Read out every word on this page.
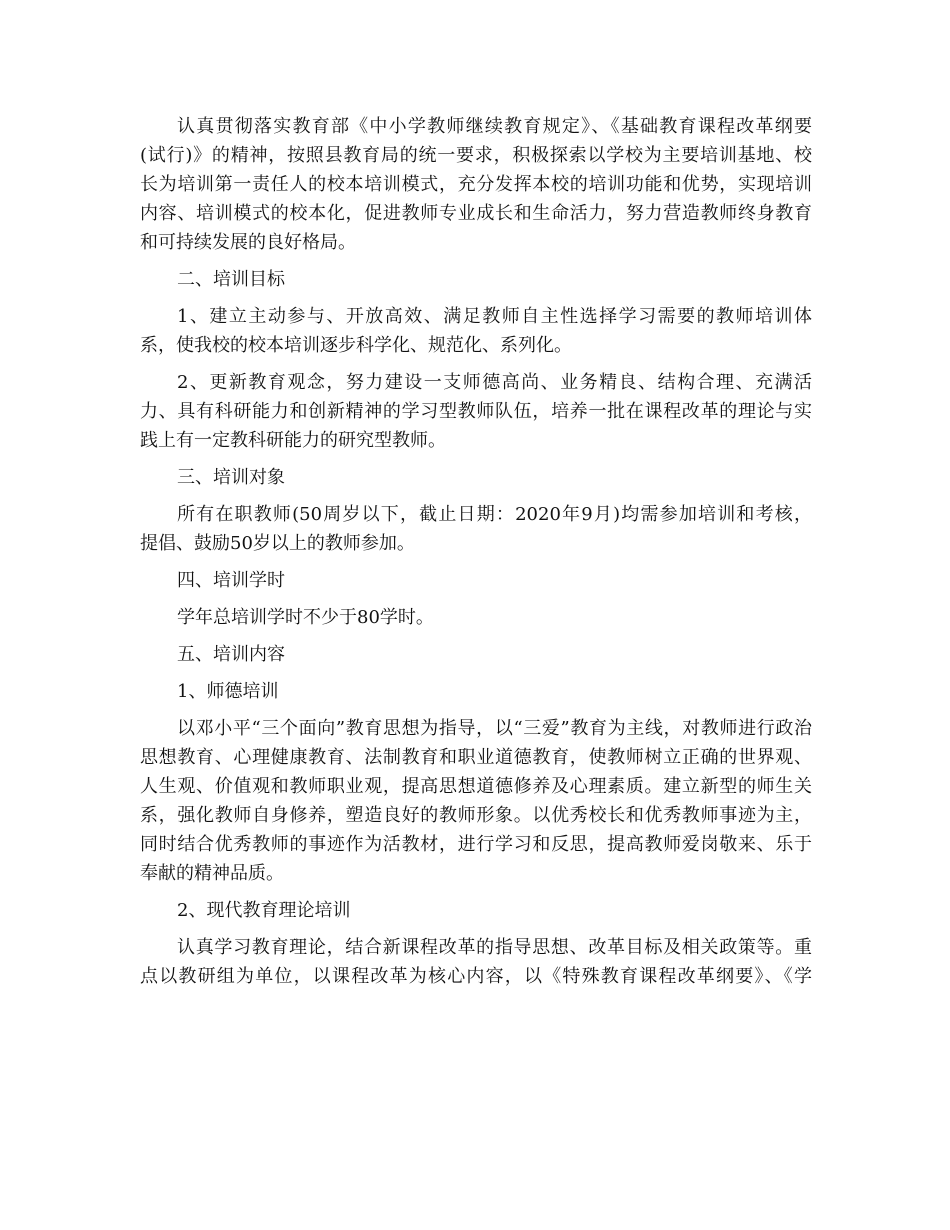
认真贯彻落实教育部《中小学教师继续教育规定》、《基础教育课程改革纲要
(试行)》的精神，按照县教育局的统一要求，积极探索以学校为主要培训基地、校
长为培训第一责任人的校本培训模式，充分发挥本校的培训功能和优势，实现培训
内容、培训模式的校本化，促进教师专业成长和生命活力，努力营造教师终身教育
和可持续发展的良好格局。
二、培训目标
1、建立主动参与、开放高效、满足教师自主性选择学习需要的教师培训体
系，使我校的校本培训逐步科学化、规范化、系列化。
2、更新教育观念，努力建设一支师德高尚、业务精良、结构合理、充满活
力、具有科研能力和创新精神的学习型教师队伍，培养一批在课程改革的理论与实
践上有一定教科研能力的研究型教师。
三、培训对象
所有在职教师(50周岁以下，截止日期：2020年9月)均需参加培训和考核，
提倡、鼓励50岁以上的教师参加。
四、培训学时
学年总培训学时不少于80学时。
五、培训内容
1、师德培训
以邓小平“三个面向”教育思想为指导，以“三爱”教育为主线，对教师进行政治
思想教育、心理健康教育、法制教育和职业道德教育，使教师树立正确的世界观、
人生观、价值观和教师职业观，提高思想道德修养及心理素质。建立新型的师生关
系，强化教师自身修养，塑造良好的教师形象。以优秀校长和优秀教师事迹为主，
同时结合优秀教师的事迹作为活教材，进行学习和反思，提高教师爱岗敬来、乐于
奉献的精神品质。
2、现代教育理论培训
认真学习教育理论，结合新课程改革的指导思想、改革目标及相关政策等。重
点以教研组为单位，以课程改革为核心内容，以《特殊教育课程改革纲要》、《学
